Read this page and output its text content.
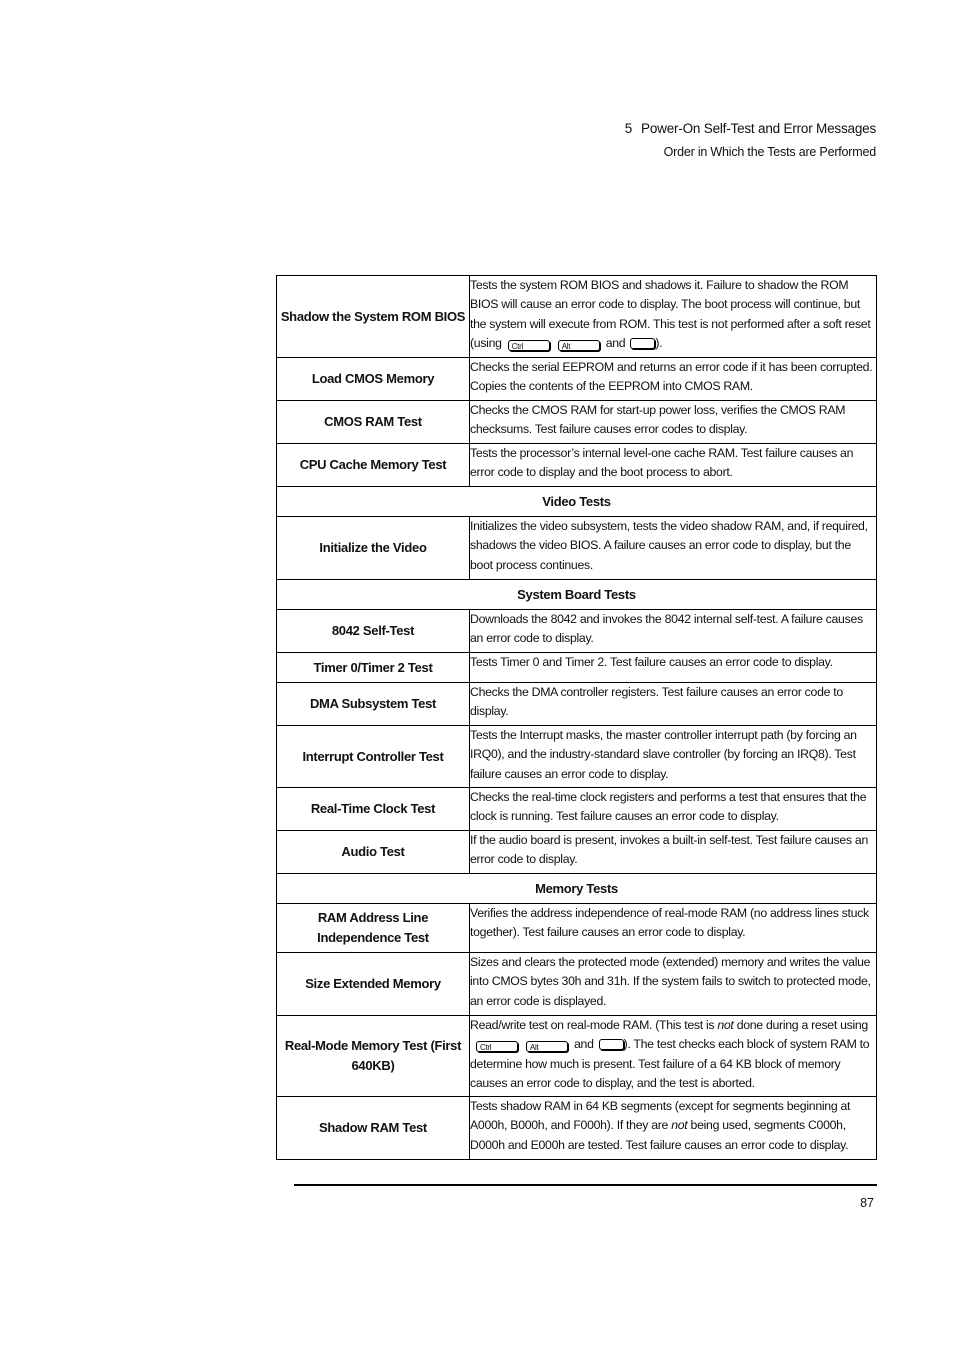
5 Power-On Self-Test and Error Messages
Order in Which the Tests are Performed
Shadow the System ROM BIOS	Tests the system ROM BIOS and shadows it. Failure to shadow the ROM BIOS will cause an error code to display. The boot process will continue, but the system will execute from ROM. This test is not performed after a soft reset (using Ctrl Alt and ).
Load CMOS Memory	Checks the serial EEPROM and returns an error code if it has been corrupted. Copies the contents of the EEPROM into CMOS RAM.
CMOS RAM Test	Checks the CMOS RAM for start-up power loss, verifies the CMOS RAM checksums. Test failure causes error codes to display.
CPU Cache Memory Test	Tests the processor’s internal level-one cache RAM. Test failure causes an error code to display and the boot process to abort.
Video Tests	
Initialize the Video	Initializes the video subsystem, tests the video shadow RAM, and, if required, shadows the video BIOS. A failure causes an error code to display, but the boot process continues.
System Board Tests	
8042 Self-Test	Downloads the 8042 and invokes the 8042 internal self-test. A failure causes an error code to display.
Timer 0/Timer 2 Test	Tests Timer 0 and Timer 2. Test failure causes an error code to display.
DMA Subsystem Test	Checks the DMA controller registers. Test failure causes an error code to display.
Interrupt Controller Test	Tests the Interrupt masks, the master controller interrupt path (by forcing an IRQ0), and the industry-standard slave controller (by forcing an IRQ8). Test failure causes an error code to display.
Real-Time Clock Test	Checks the real-time clock registers and performs a test that ensures that the clock is running. Test failure causes an error code to display.
Audio Test	If the audio board is present, invokes a built-in self-test. Test failure causes an error code to display.
Memory Tests	
RAM Address Line Independence Test	Verifies the address independence of real-mode RAM (no address lines stuck together). Test failure causes an error code to display.
Size Extended Memory	Sizes and clears the protected mode (extended) memory and writes the value into CMOS bytes 30h and 31h. If the system fails to switch to protected mode, an error code is displayed.
Real-Mode Memory Test (First 640KB)	Read/write test on real-mode RAM. (This test is not done during a reset usingCtrl Alt and ). The test checks each block of system RAM to determine how much is present. Test failure of a 64 KB block of memory causes an error code to display, and the test is aborted.
Shadow RAM Test	Tests shadow RAM in 64 KB segments (except for segments beginning at A000h, B000h, and F000h). If they are not being used, segments C000h, D000h and E000h are tested. Test failure causes an error code to display.
87
